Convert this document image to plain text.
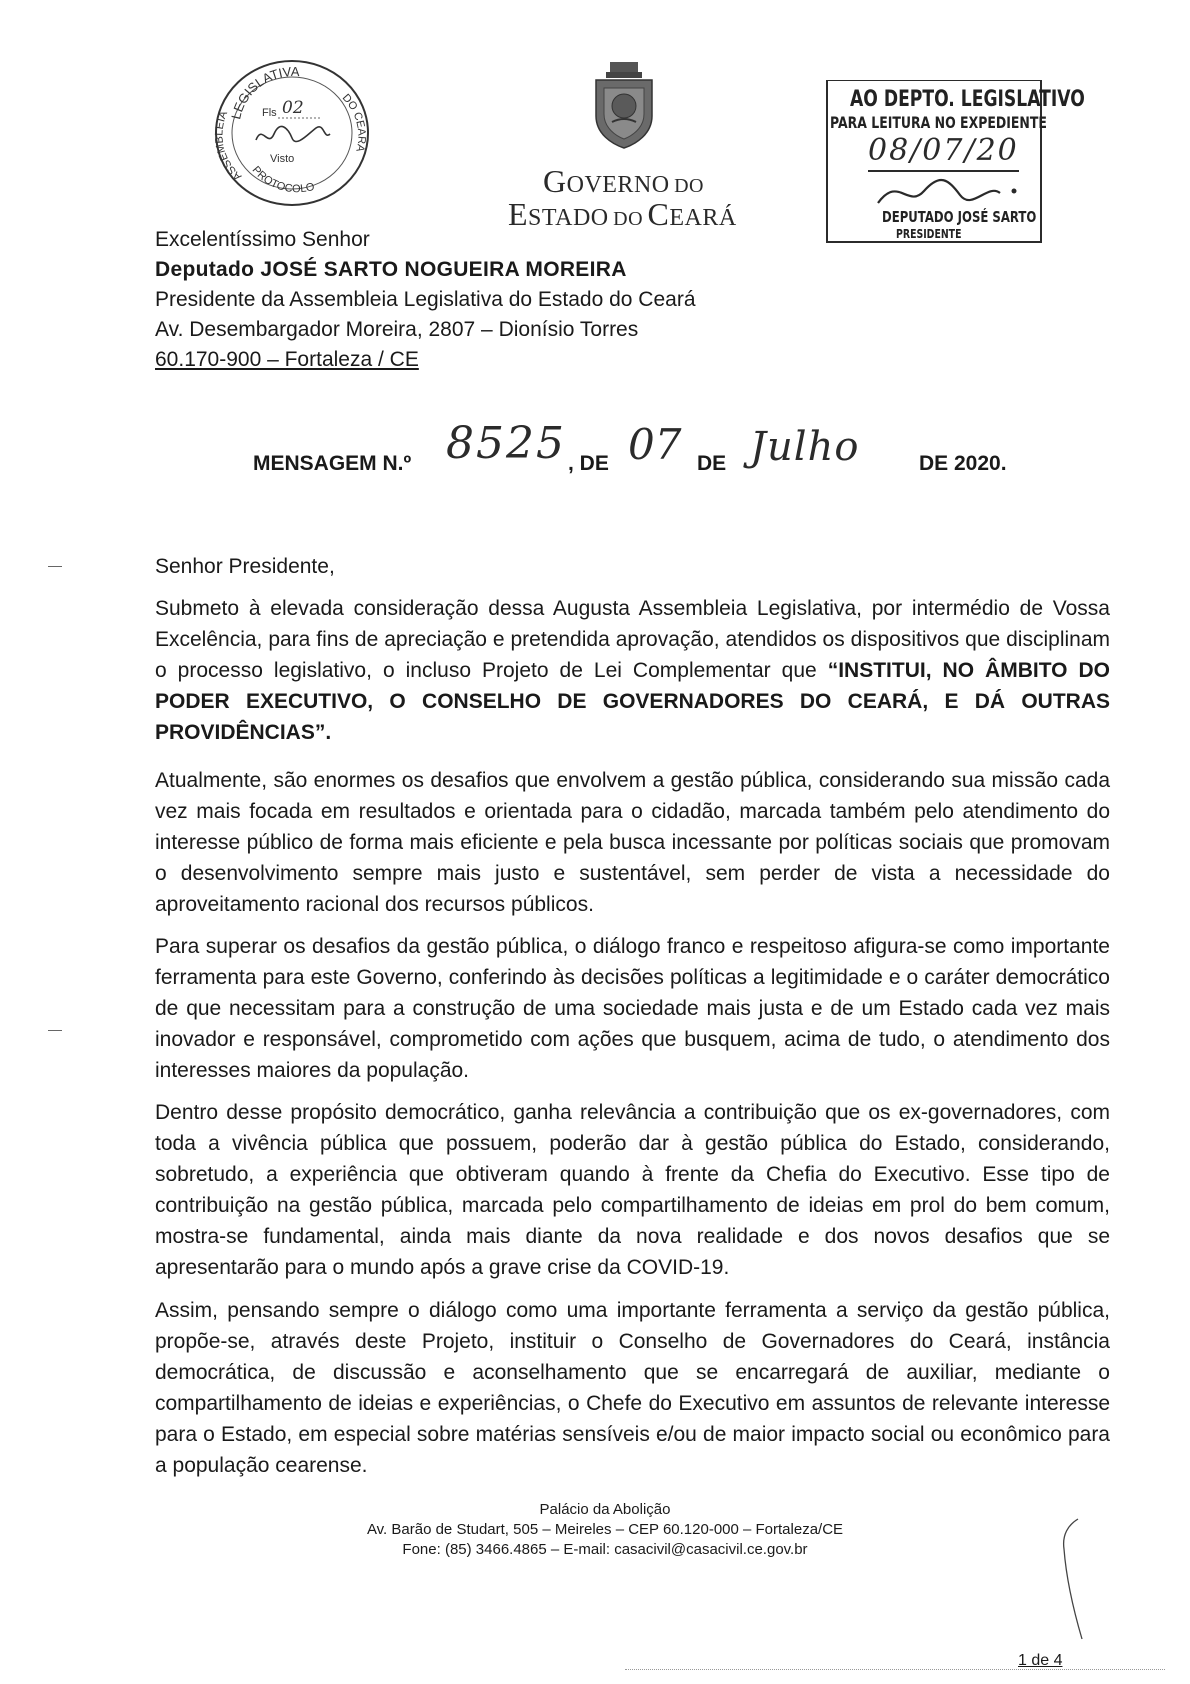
LEGISLATIVA
ASSEMBLEIA
DO CEARÁ
PROTOCOLO
Fls 02
Visto
GOVERNO DO
ESTADO DO CEARÁ
AO DEPTO. LEGISLATIVO
PARA LEITURA NO EXPEDIENTE
08/07/20
DEPUTADO JOSÉ SARTO
PRESIDENTE
Excelentíssimo Senhor
Deputado JOSÉ SARTO NOGUEIRA MOREIRA
Presidente da Assembleia Legislativa do Estado do Ceará
Av. Desembargador Moreira, 2807 – Dionísio Torres
60.170-900 – Fortaleza / CE
MENSAGEM N.º 8525 , DE 07 DE Julho	DE 2020.
Senhor Presidente,

Submeto à elevada consideração dessa Augusta Assembleia Legislativa, por intermédio de Vossa Excelência, para fins de apreciação e pretendida aprovação, atendidos os dispositivos que disciplinam o processo legislativo, o incluso Projeto de Lei Complementar que “INSTITUI, NO ÂMBITO DO PODER EXECUTIVO, O CONSELHO DE GOVERNADORES DO CEARÁ, E DÁ OUTRAS PROVIDÊNCIAS”.

Atualmente, são enormes os desafios que envolvem a gestão pública, considerando sua missão cada vez mais focada em resultados e orientada para o cidadão, marcada também pelo atendimento do interesse público de forma mais eficiente e pela busca incessante por políticas sociais que promovam o desenvolvimento sempre mais justo e sustentável, sem perder de vista a necessidade do aproveitamento racional dos recursos públicos.

Para superar os desafios da gestão pública, o diálogo franco e respeitoso afigura-se como importante ferramenta para este Governo, conferindo às decisões políticas a legitimidade e o caráter democrático de que necessitam para a construção de uma sociedade mais justa e de um Estado cada vez mais inovador e responsável, comprometido com ações que busquem, acima de tudo, o atendimento dos interesses maiores da população.

Dentro desse propósito democrático, ganha relevância a contribuição que os ex-governadores, com toda a vivência pública que possuem, poderão dar à gestão pública do Estado, considerando, sobretudo, a experiência que obtiveram quando à frente da Chefia do Executivo. Esse tipo de contribuição na gestão pública, marcada pelo compartilhamento de ideias em prol do bem comum, mostra-se fundamental, ainda mais diante da nova realidade e dos novos desafios que se apresentarão para o mundo após a grave crise da COVID-19.

Assim, pensando sempre o diálogo como uma importante ferramenta a serviço da gestão pública, propõe-se, através deste Projeto, instituir o Conselho de Governadores do Ceará, instância democrática, de discussão e aconselhamento que se encarregará de auxiliar, mediante o compartilhamento de ideias e experiências, o Chefe do Executivo em assuntos de relevante interesse para o Estado, em especial sobre matérias sensíveis e/ou de maior impacto social ou econômico para a população cearense.

Palácio da Abolição
Av. Barão de Studart, 505 – Meireles – CEP 60.120-000 – Fortaleza/CE
Fone: (85) 3466.4865 – E-mail: casacivil@casacivil.ce.gov.br
1 de 4
